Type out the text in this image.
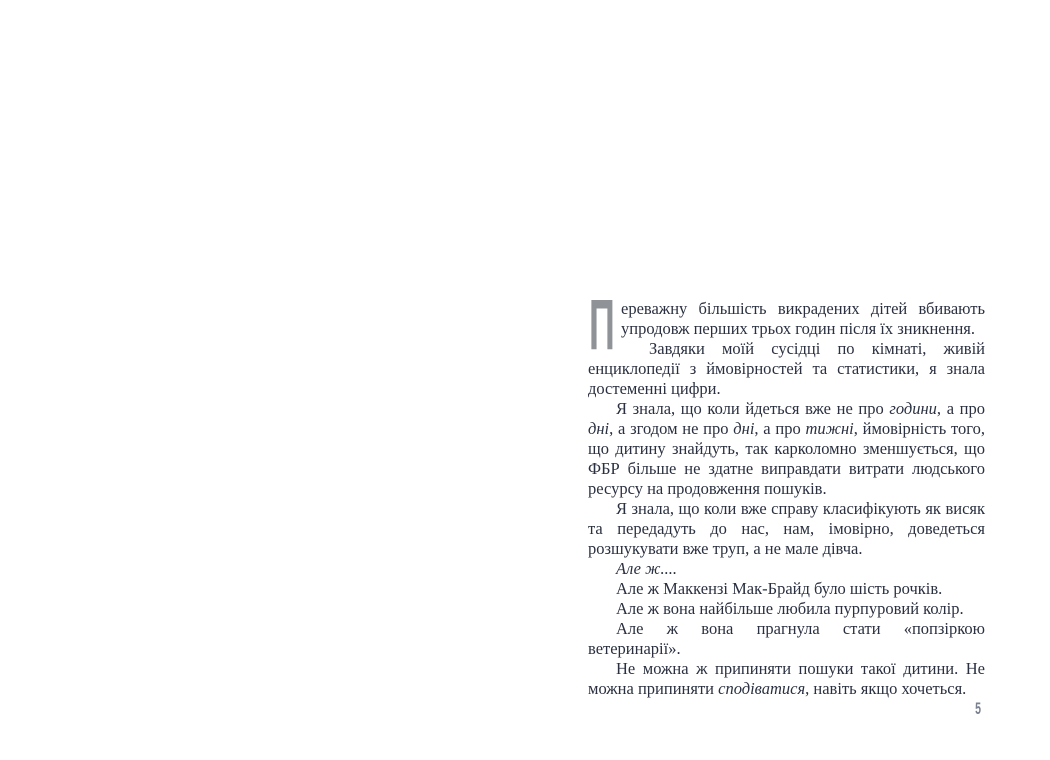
П ереважну більшість викрадених дітей вбивають упродовж перших трьох годин після їх зникнення.

Завдяки моїй сусідці по кімнаті, живій енциклопедії з ймовірностей та статистики, я знала достеменні цифри.

Я знала, що коли йдеться вже не про години, а про дні, а згодом не про дні, а про тижні, ймовірність того, що дитину знайдуть, так карколомно зменшується, що ФБР більше не здатне виправдати витрати людського ресурсу на продовження пошуків.

Я знала, що коли вже справу класифікують як висяк та передадуть до нас, нам, імовірно, доведеться розшукувати вже труп, а не мале дівча.

Але ж....

Але ж Маккензі Мак-Брайд було шість рочків.

Але ж вона найбільше любила пурпуровий колір.

Але ж вона прагнула стати «попзіркою ветеринарії».

Не можна ж припиняти пошуки такої дитини. Не можна припиняти сподіватися, навіть якщо хочеться.

5
